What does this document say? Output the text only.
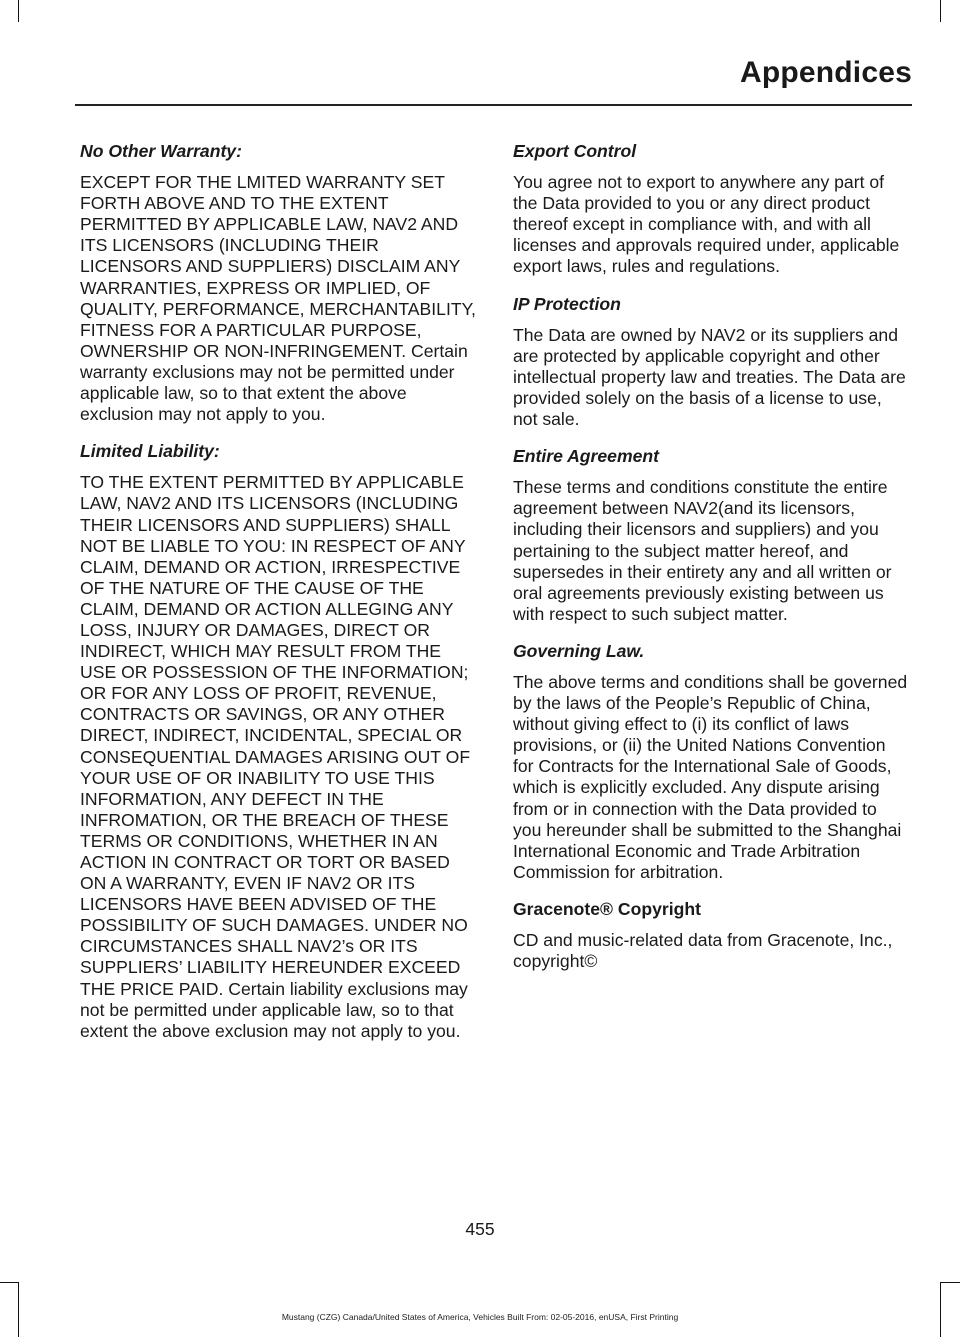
Appendices
No Other Warranty:

EXCEPT FOR THE LMITED WARRANTY SET FORTH ABOVE AND TO THE EXTENT PERMITTED BY APPLICABLE LAW, NAV2 AND ITS LICENSORS (INCLUDING THEIR LICENSORS AND SUPPLIERS) DISCLAIM ANY WARRANTIES, EXPRESS OR IMPLIED, OF QUALITY, PERFORMANCE, MERCHANTABILITY, FITNESS FOR A PARTICULAR PURPOSE, OWNERSHIP OR NON-INFRINGEMENT. Certain warranty exclusions may not be permitted under applicable law, so to that extent the above exclusion may not apply to you.

Limited Liability:

TO THE EXTENT PERMITTED BY APPLICABLE LAW, NAV2 AND ITS LICENSORS (INCLUDING THEIR LICENSORS AND SUPPLIERS) SHALL NOT BE LIABLE TO YOU: IN RESPECT OF ANY CLAIM, DEMAND OR ACTION, IRRESPECTIVE OF THE NATURE OF THE CAUSE OF THE CLAIM, DEMAND OR ACTION ALLEGING ANY LOSS, INJURY OR DAMAGES, DIRECT OR INDIRECT, WHICH MAY RESULT FROM THE USE OR POSSESSION OF THE INFORMATION; OR FOR ANY LOSS OF PROFIT, REVENUE, CONTRACTS OR SAVINGS, OR ANY OTHER DIRECT, INDIRECT, INCIDENTAL, SPECIAL OR CONSEQUENTIAL DAMAGES ARISING OUT OF YOUR USE OF OR INABILITY TO USE THIS INFORMATION, ANY DEFECT IN THE INFROMATION, OR THE BREACH OF THESE TERMS OR CONDITIONS, WHETHER IN AN ACTION IN CONTRACT OR TORT OR BASED ON A WARRANTY, EVEN IF NAV2 OR ITS LICENSORS HAVE BEEN ADVISED OF THE POSSIBILITY OF SUCH DAMAGES. UNDER NO CIRCUMSTANCES SHALL NAV2’s OR ITS SUPPLIERS’ LIABILITY HEREUNDER EXCEED THE PRICE PAID. Certain liability exclusions may not be permitted under applicable law, so to that extent the above exclusion may not apply to you.

Export Control

You agree not to export to anywhere any part of the Data provided to you or any direct product thereof except in compliance with, and with all licenses and approvals required under, applicable export laws, rules and regulations.

IP Protection

The Data are owned by NAV2 or its suppliers and are protected by applicable copyright and other intellectual property law and treaties. The Data are provided solely on the basis of a license to use, not sale.

Entire Agreement

These terms and conditions constitute the entire agreement between NAV2(and its licensors, including their licensors and suppliers) and you pertaining to the subject matter hereof, and supersedes in their entirety any and all written or oral agreements previously existing between us with respect to such subject matter.

Governing Law.

The above terms and conditions shall be governed by the laws of the People’s Republic of China, without giving effect to (i) its conflict of laws provisions, or (ii) the United Nations Convention for Contracts for the International Sale of Goods, which is explicitly excluded. Any dispute arising from or in connection with the Data provided to you hereunder shall be submitted to the Shanghai International Economic and Trade Arbitration Commission for arbitration.

Gracenote® Copyright

CD and music-related data from Gracenote, Inc., copyright©

455
Mustang (CZG) Canada/United States of America, Vehicles Built From: 02-05-2016, enUSA, First Printing
